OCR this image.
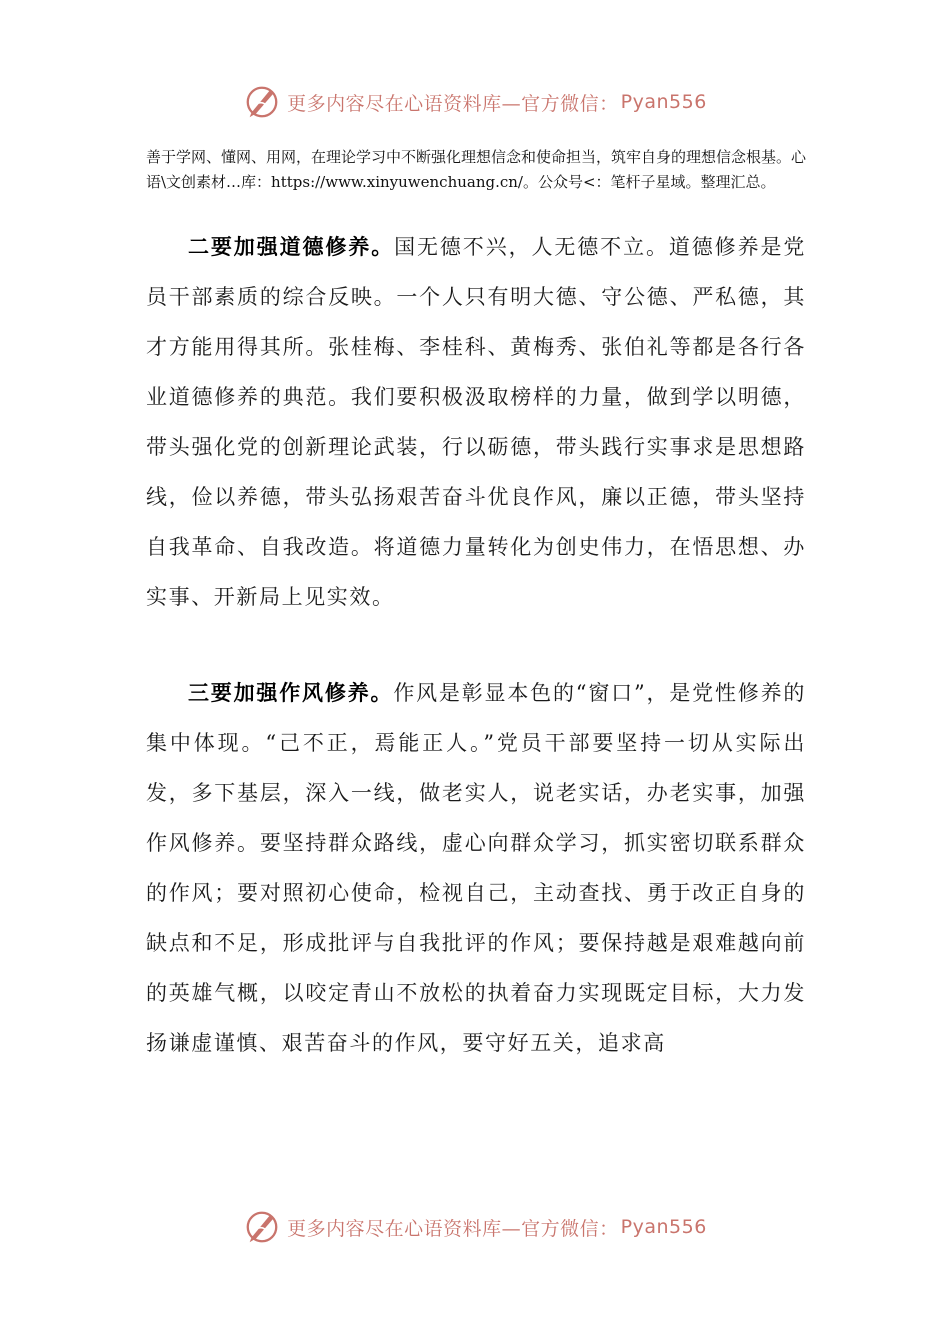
更多内容尽在心语资料库—官方微信： Pyan556

善于学网、懂网、用网，在理论学习中不断强化理想信念和使命担当，筑牢自身的理想信念根基。心语\文创素材…库：https://www.xinyuwenchuang.cn/。公众号<：笔杆子星域。整理汇总。

二要加强道德修养。国无德不兴，人无德不立。道德修养是党员干部素质的综合反映。一个人只有明大德、守公德、严私德，其才方能用得其所。张桂梅、李桂科、黄梅秀、张伯礼等都是各行各业道德修养的典范。我们要积极汲取榜样的力量，做到学以明德，带头强化党的创新理论武装，行以砺德，带头践行实事求是思想路线，俭以养德，带头弘扬艰苦奋斗优良作风，廉以正德，带头坚持自我革命、自我改造。将道德力量转化为创史伟力，在悟思想、办实事、开新局上见实效。

三要加强作风修养。作风是彰显本色的“窗口”，是党性修养的集中体现。“己不正，焉能正人。”党员干部要坚持一切从实际出发，多下基层，深入一线，做老实人，说老实话，办老实事，加强作风修养。要坚持群众路线，虚心向群众学习，抓实密切联系群众的作风；要对照初心使命，检视自己，主动查找、勇于改正自身的缺点和不足，形成批评与自我批评的作风；要保持越是艰难越向前的英雄气概，以咬定青山不放松的执着奋力实现既定目标，大力发扬谦虚谨慎、艰苦奋斗的作风，要守好五关，追求高

更多内容尽在心语资料库—官方微信： Pyan556
